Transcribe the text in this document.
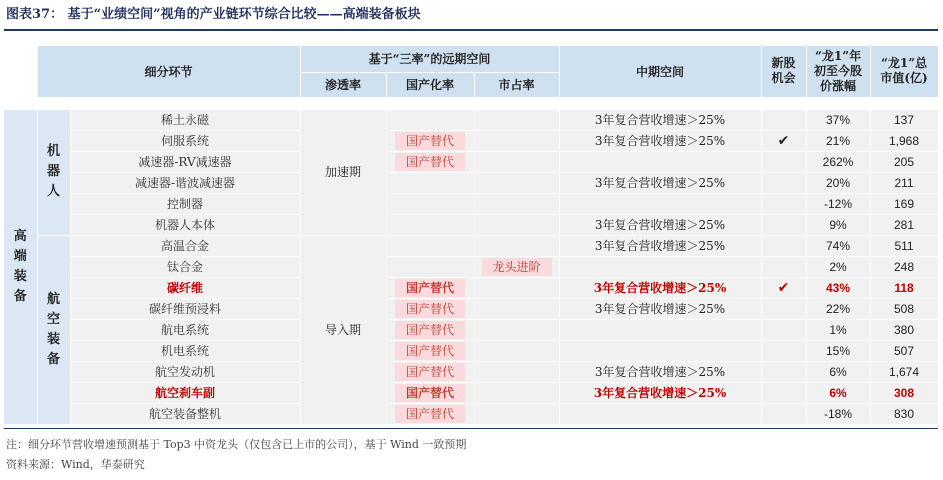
图表37： 基于“业绩空间”视角的产业链环节综合比较——高端装备板块
	细分环节		基于“三率”的远期空间			中期空间	新股机会	“龙1”年初至今股价涨幅	“龙1”总市值(亿)
			渗透率	国产化率	市占率				

高端装备	机器人	稀土永磁	加速期			3年复合营收增速＞25%		37%	137
		伺服系统		国产替代		3年复合营收增速＞25%	✔	21%	1,968
		减速器-RV减速器		国产替代				262%	205
		减速器-谐波减速器				3年复合营收增速＞25%		20%	211
		控制器						-12%	169
		机器人本体				3年复合营收增速＞25%		9%	281
	航空装备	高温合金	导入期			3年复合营收增速＞25%		74%	511
		钛合金			龙头进阶			2%	248
		碳纤维		国产替代		3年复合营收增速＞25%	✔	43%	118
		碳纤维预浸料		国产替代		3年复合营收增速＞25%		22%	508
		航电系统		国产替代				1%	380
		机电系统		国产替代				15%	507
		航空发动机		国产替代		3年复合营收增速＞25%		6%	1,674
		航空刹车副		国产替代		3年复合营收增速＞25%		6%	308
		航空装备整机		国产替代				-18%	830
注：细分环节营收增速预测基于 Top3 中资龙头（仅包含已上市的公司），基于 Wind 一致预期
资料来源：Wind，华泰研究
